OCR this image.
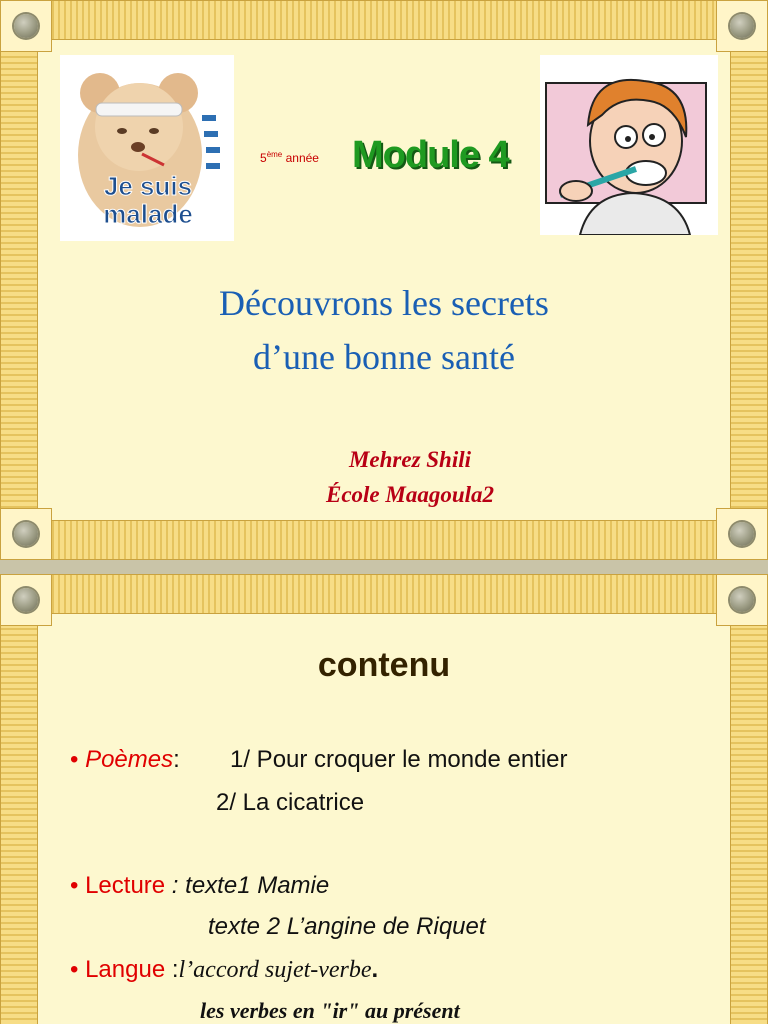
Je suis
malade
5ème année Module 4
Découvrons les secrets
d’une bonne santé
Mehrez Shili
École Maagoula2
contenu
• Poèmes: 1/ Pour croquer le monde entier
2/ La cicatrice
• Lecture : texte1 Mamie
texte 2 L’angine de Riquet
• Langue :l’accord sujet-verbe.
les verbes en "ir" au présent
